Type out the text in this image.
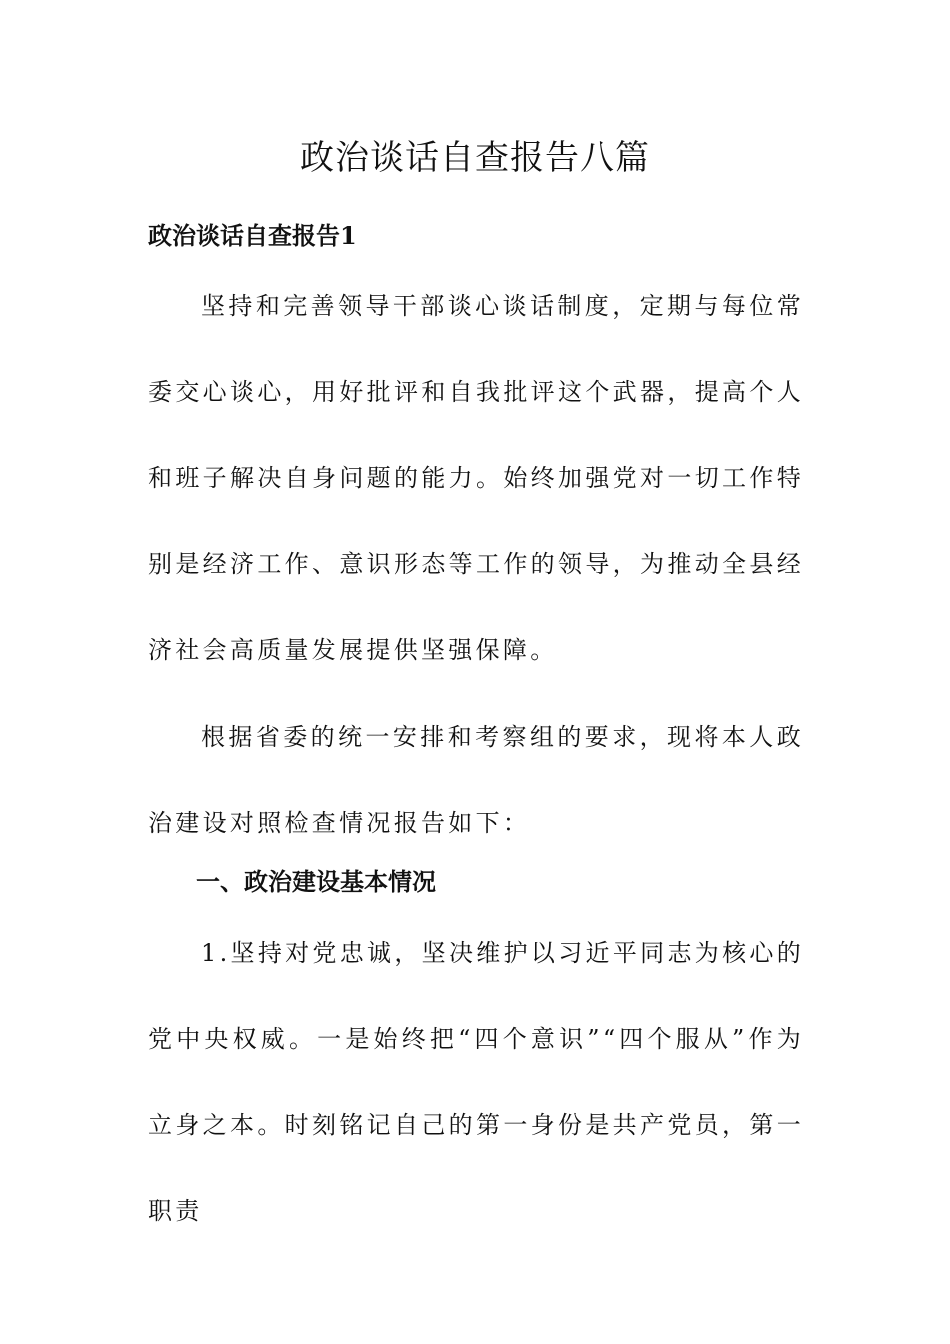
政治谈话自查报告八篇
政治谈话自查报告1

坚持和完善领导干部谈心谈话制度，定期与每位常委交心谈心，用好批评和自我批评这个武器，提高个人和班子解决自身问题的能力。始终加强党对一切工作特别是经济工作、意识形态等工作的领导，为推动全县经济社会高质量发展提供坚强保障。

根据省委的统一安排和考察组的要求，现将本人政治建设对照检查情况报告如下：

一、政治建设基本情况

1.坚持对党忠诚，坚决维护以习近平同志为核心的党中央权威。一是始终把“四个意识”“四个服从”作为立身之本。时刻铭记自己的第一身份是共产党员，第一职责
